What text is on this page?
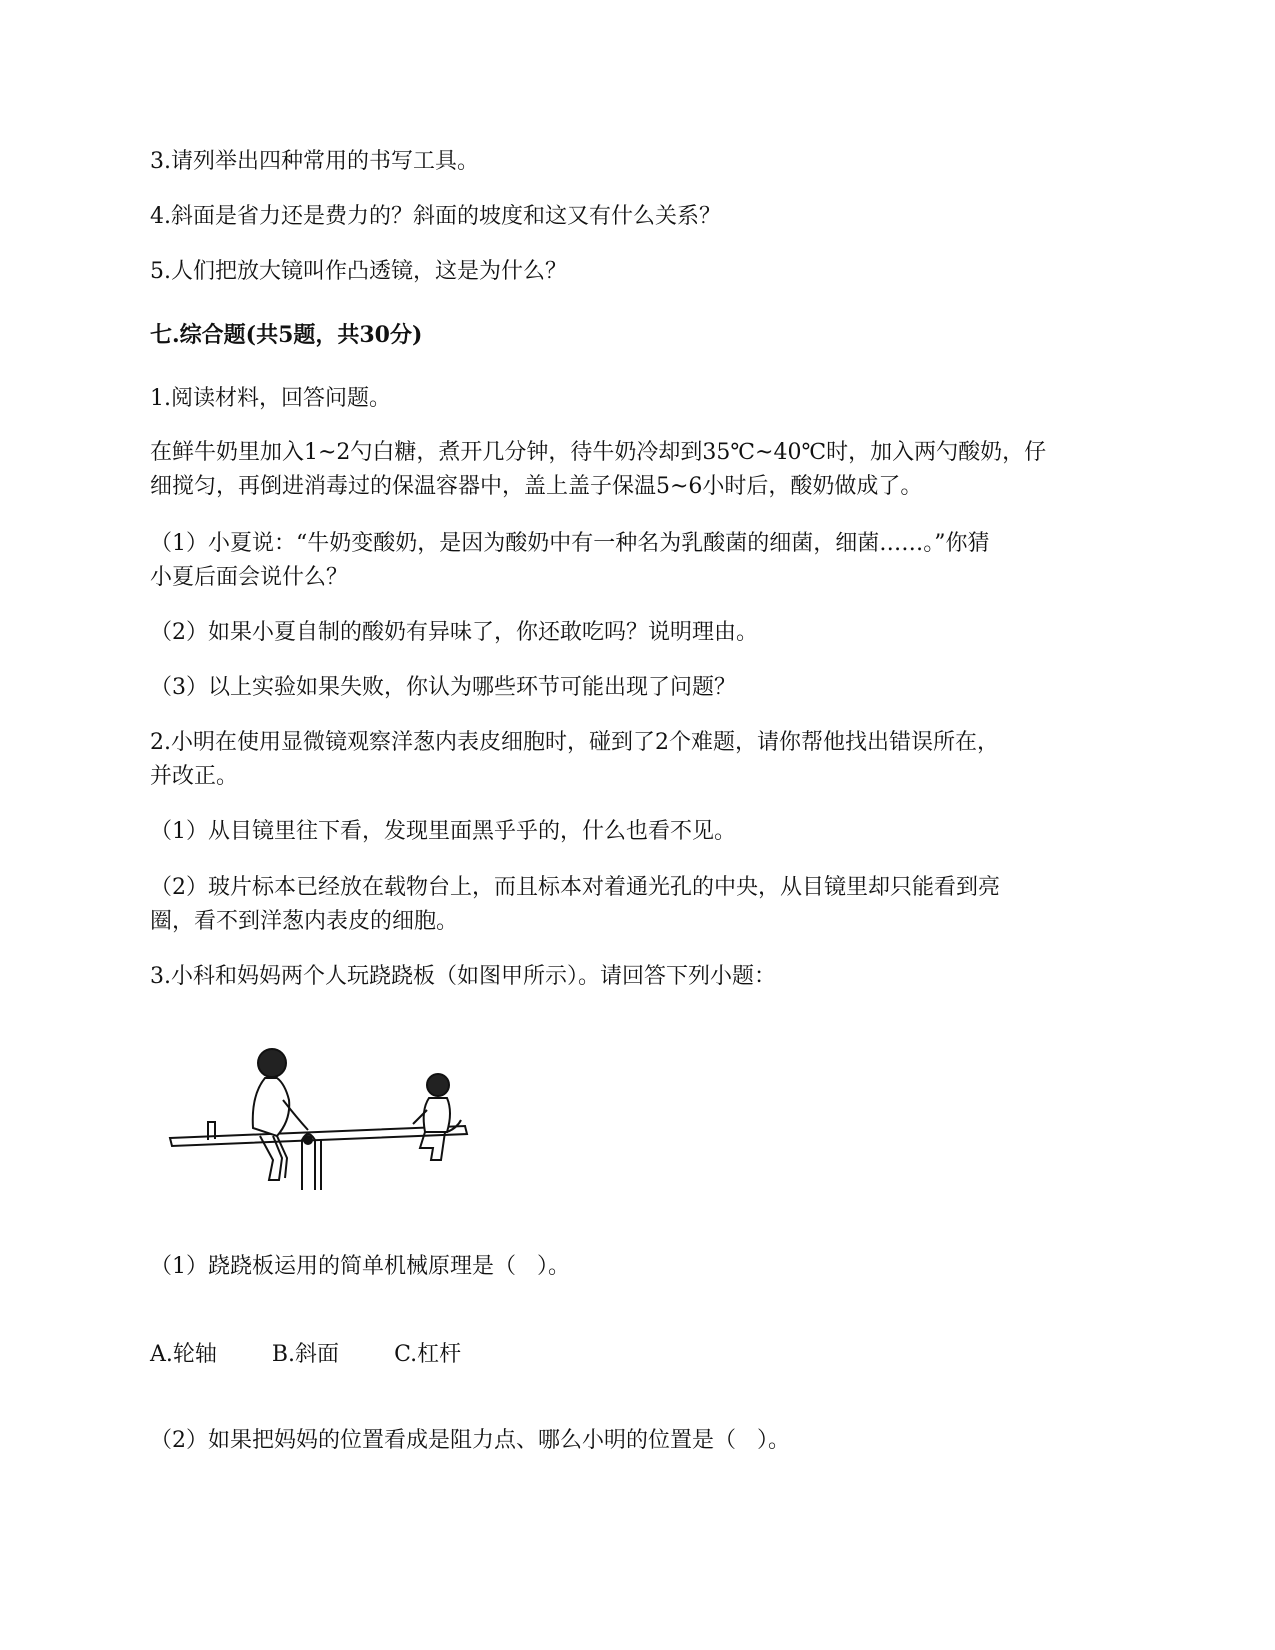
3.请列举出四种常用的书写工具。
4.斜面是省力还是费力的？斜面的坡度和这又有什么关系？
5.人们把放大镜叫作凸透镜，这是为什么？
七.综合题(共5题，共30分)
1.阅读材料，回答问题。
在鲜牛奶里加入1~2勺白糖，煮开几分钟，待牛奶冷却到35℃~40℃时，加入两勺酸奶，仔
细搅匀，再倒进消毒过的保温容器中，盖上盖子保温5~6小时后，酸奶做成了。
（1）小夏说：“牛奶变酸奶，是因为酸奶中有一种名为乳酸菌的细菌，细菌……。”你猜
小夏后面会说什么？
（2）如果小夏自制的酸奶有异味了，你还敢吃吗？说明理由。
（3）以上实验如果失败，你认为哪些环节可能出现了问题？
2.小明在使用显微镜观察洋葱内表皮细胞时，碰到了2个难题，请你帮他找出错误所在，
并改正。
（1）从目镜里往下看，发现里面黑乎乎的，什么也看不见。
（2）玻片标本已经放在载物台上，而且标本对着通光孔的中央，从目镜里却只能看到亮
圈，看不到洋葱内表皮的细胞。
3.小科和妈妈两个人玩跷跷板（如图甲所示）。请回答下列小题：
（1）跷跷板运用的简单机械原理是（   ）。
A.轮轴	B.斜面	C.杠杆
（2）如果把妈妈的位置看成是阻力点、哪么小明的位置是（   ）。
